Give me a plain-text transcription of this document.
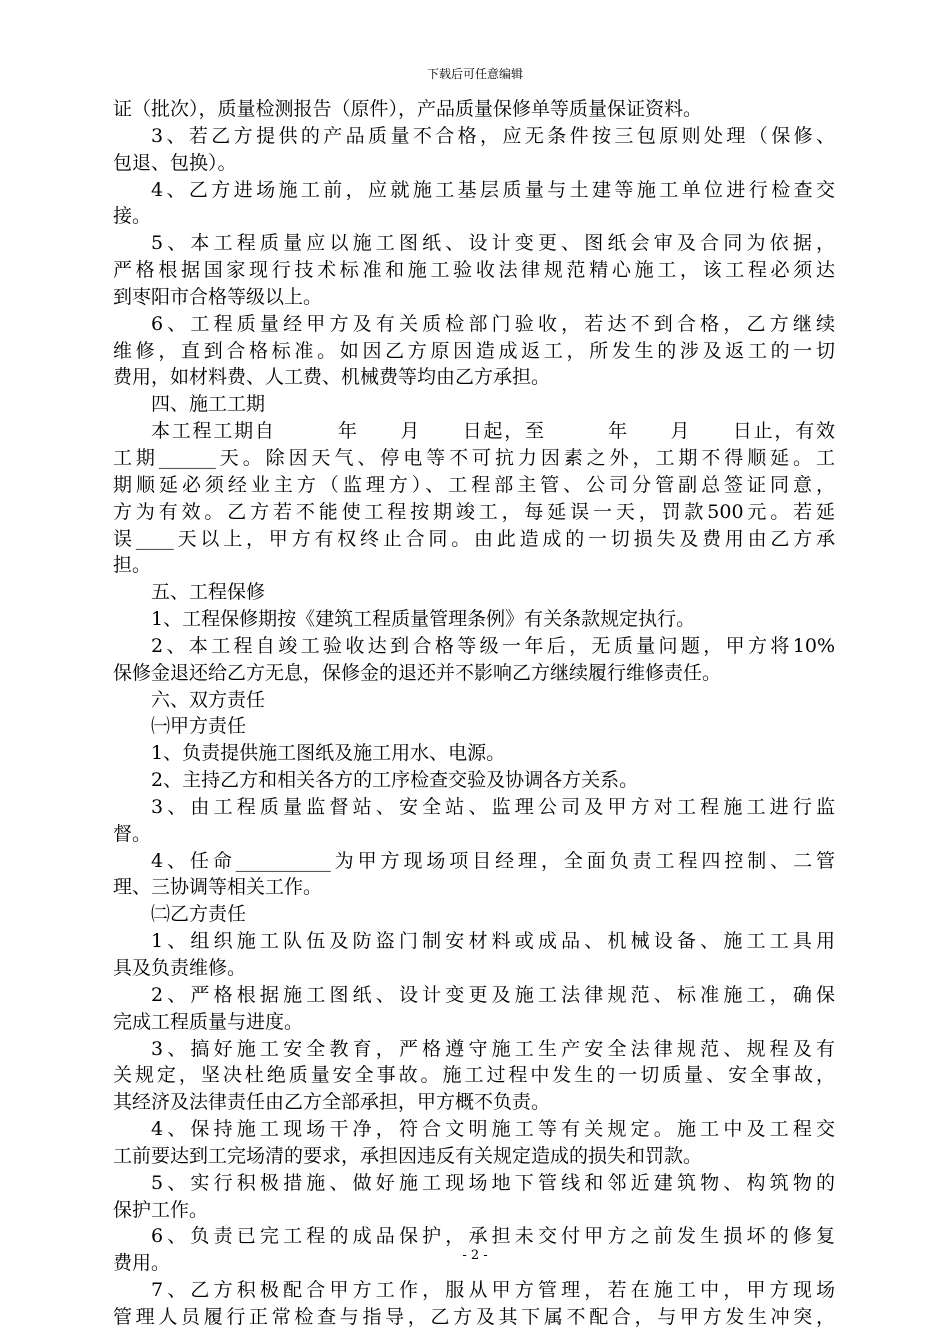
下载后可任意编辑
证（批次），质量检测报告（原件），产品质量保修单等质量保证资料。
3、若乙方提供的产品质量不合格，应无条件按三包原则处理（保修、
包退、包换）。
4、乙方进场施工前，应就施工基层质量与土建等施工单位进行检查交
接。
5、本工程质量应以施工图纸、设计变更、图纸会审及合同为依据，
严格根据国家现行技术标准和施工验收法律规范精心施工，该工程必须达
到枣阳市合格等级以上。
6、工程质量经甲方及有关质检部门验收，若达不到合格，乙方继续
维修，直到合格标准。如因乙方原因造成返工，所发生的涉及返工的一切
费用，如材料费、人工费、机械费等均由乙方承担。
四、施工工期
本工程工期自　　　年　　月　　日起，至　　　年　　月　　日止，有效
工期______天。除因天气、停电等不可抗力因素之外，工期不得顺延。工
期顺延必须经业主方（监理方）、工程部主管、公司分管副总签证同意，
方为有效。乙方若不能使工程按期竣工，每延误一天，罚款500元。若延
误____天以上，甲方有权终止合同。由此造成的一切损失及费用由乙方承
担。
五、工程保修
1、工程保修期按《建筑工程质量管理条例》有关条款规定执行。
2、本工程自竣工验收达到合格等级一年后，无质量问题，甲方将10%
保修金退还给乙方无息，保修金的退还并不影响乙方继续履行维修责任。
六、双方责任
㈠甲方责任
1、负责提供施工图纸及施工用水、电源。
2、主持乙方和相关各方的工序检查交验及协调各方关系。
3、由工程质量监督站、安全站、监理公司及甲方对工程施工进行监
督。
4、任命__________为甲方现场项目经理，全面负责工程四控制、二管
理、三协调等相关工作。
㈡乙方责任
1、组织施工队伍及防盗门制安材料或成品、机械设备、施工工具用
具及负责维修。
2、严格根据施工图纸、设计变更及施工法律规范、标准施工，确保
完成工程质量与进度。
3、搞好施工安全教育，严格遵守施工生产安全法律规范、规程及有
关规定，坚决杜绝质量安全事故。施工过程中发生的一切质量、安全事故，
其经济及法律责任由乙方全部承担，甲方概不负责。
4、保持施工现场干净，符合文明施工等有关规定。施工中及工程交
工前要达到工完场清的要求，承担因违反有关规定造成的损失和罚款。
5、实行积极措施、做好施工现场地下管线和邻近建筑物、构筑物的
保护工作。
6、负责已完工程的成品保护，承担未交付甲方之前发生损坏的修复
费用。
7、乙方积极配合甲方工作，服从甲方管理，若在施工中，甲方现场
管理人员履行正常检查与指导，乙方及其下属不配合，与甲方发生冲突，
- 2 -
